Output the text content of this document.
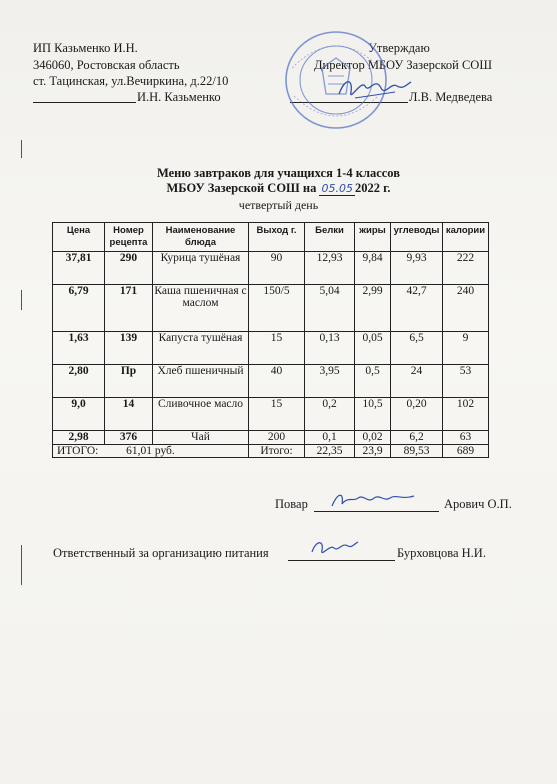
ИП Казьменко И.Н.
346060, Ростовская область
ст. Тацинская, ул.Вечиркина, д.22/10
И.Н. Казьменко
Утверждаю
Директор МБОУ Зазерской СОШ
Л.В. Медведева
Меню завтраков для учащихся 1-4 классов
МБОУ Зазерской СОШ на 05.05 2022 г.
четвертый день
Цена	Номер рецепта	Наименование блюда	Выход г.	Белки	жиры	углеводы	калории
37,81	290	Курица тушёная	90	12,93	9,84	9,93	222
6,79	171	Каша пшеничная с маслом	150/5	5,04	2,99	42,7	240
1,63	139	Капуста тушёная	15	0,13	0,05	6,5	9
2,80	Пр	Хлеб пшеничный	40	3,95	0,5	24	53
9,0	14	Сливочное масло	15	0,2	10,5	0,20	102
2,98	376	Чай	200	0,1	0,02	6,2	63
ИТОГО: 61,01 руб.			Итого:	22,35	23,9	89,53	689
Повар	Арович О.П.
Ответственный за организацию питания	Бурховцова Н.И.
